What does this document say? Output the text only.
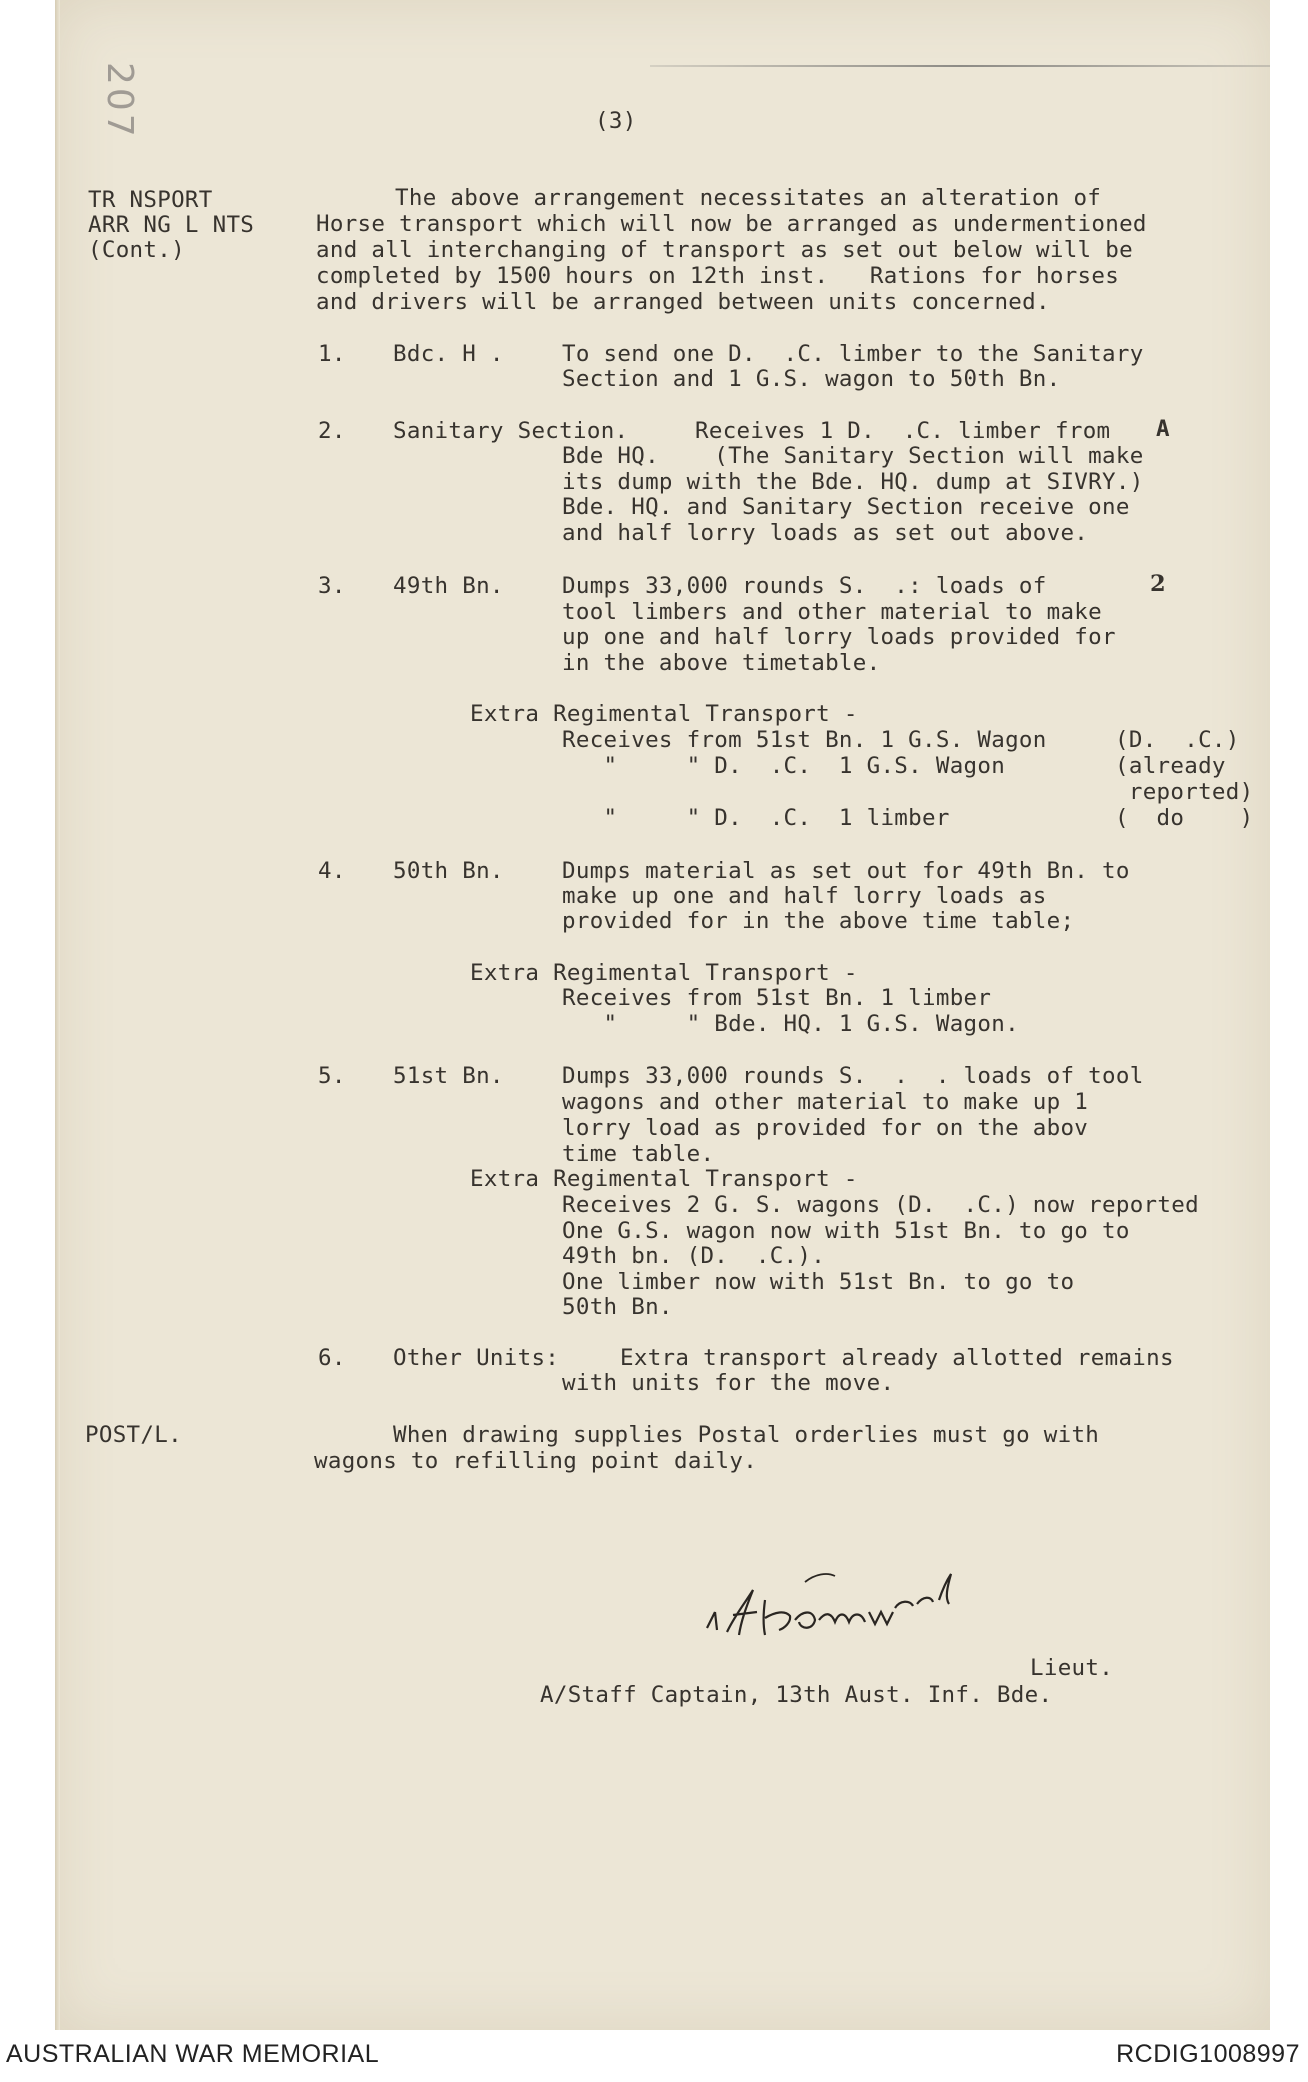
207	(3)
TR NSPORT
ARR NG L NTS
(Cont.)
The above arrangement necessitates an alteration of
Horse transport which will now be arranged as undermentioned
and all interchanging of transport as set out below will be
completed by 1500 hours on 12th inst.   Rations for horses
and drivers will be arranged between units concerned.
1. Bdc. H .	To send one D.  .C. limber to the Sanitary
Section and 1 G.S. wagon to 50th Bn.
2. Sanitary Section.	Receives 1 D.  .C. limber from A
Bde HQ.    (The Sanitary Section will make
its dump with the Bde. HQ. dump at SIVRY.)
Bde. HQ. and Sanitary Section receive one
and half lorry loads as set out above.
3. 49th Bn.	Dumps 33,000 rounds S.  .: loads of	2
tool limbers and other material to make
up one and half lorry loads provided for
in the above timetable.
Extra Regimental Transport -
Receives from 51st Bn. 1 G.S. Wagon	(D.  .C.)
"     " D.  .C.  1 G.S. Wagon	(already
reported)
"     " D.  .C.  1 limber	(  do    )
4. 50th Bn.	Dumps material as set out for 49th Bn. to
make up one and half lorry loads as
provided for in the above time table;
Extra Regimental Transport -
Receives from 51st Bn. 1 limber
"     " Bde. HQ. 1 G.S. Wagon.
5. 51st Bn.	Dumps 33,000 rounds S.  .  . loads of tool
wagons and other material to make up 1
lorry load as provided for on the abov
time table.
Extra Regimental Transport -
Receives 2 G. S. wagons (D.  .C.) now reported
One G.S. wagon now with 51st Bn. to go to
49th bn. (D.  .C.).
One limber now with 51st Bn. to go to
50th Bn.
6. Other Units:	Extra transport already allotted remains
with units for the move.
POST/L.	When drawing supplies Postal orderlies must go with
wagons to refilling point daily.
Lieut.
A/Staff Captain, 13th Aust. Inf. Bde.
AUSTRALIAN WAR MEMORIAL	RCDIG1008997
